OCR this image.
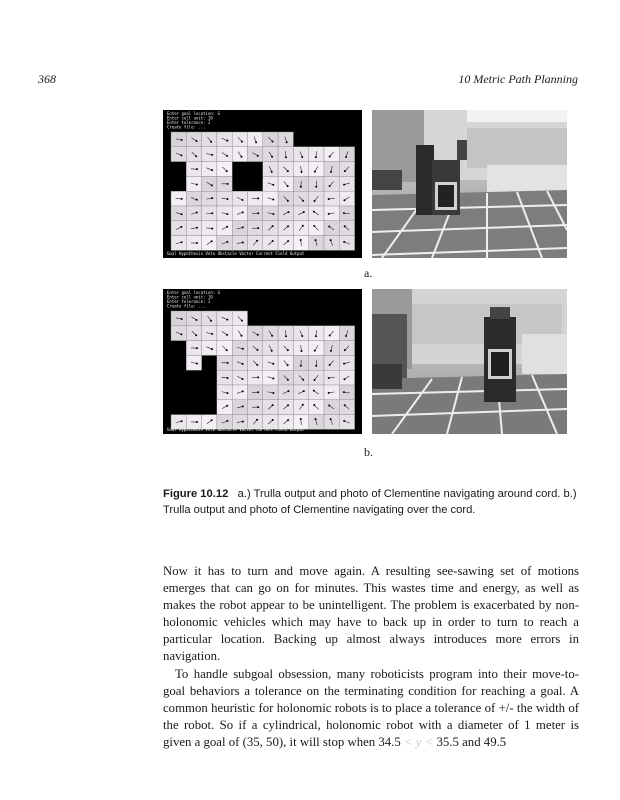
368	10 Metric Path Planning
Enter goal location: G
Enter cell unit: 10
Enter tolerance: 2
Create file: ...
Goal Hypothesis Vote Obstacle Vector Current Field Output
a.
Enter goal location: G
Enter cell unit: 10
Enter tolerance: 2
Create file: ...
Goal Hypothesis Vote Obstacle Vector Current Field Output
b.
Figure 10.12 a.) Trulla output and photo of Clementine navigating around cord. b.) Trulla output and photo of Clementine navigating over the cord.

Now it has to turn and move again. A resulting see-sawing set of motions emerges that can go on for minutes. This wastes time and energy, as well as makes the robot appear to be unintelligent. The problem is exacerbated by non-holonomic vehicles which may have to back up in order to turn to reach a particular location. Backing up almost always introduces more errors in navigation.

To handle subgoal obsession, many roboticists program into their move-to-goal behaviors a tolerance on the terminating condition for reaching a goal. A common heuristic for holonomic robots is to place a tolerance of +/- the width of the robot. So if a cylindrical, holonomic robot with a diameter of 1 meter is given a goal of (35, 50), it will stop when 34.5 < y < 35.5 and 49.5
